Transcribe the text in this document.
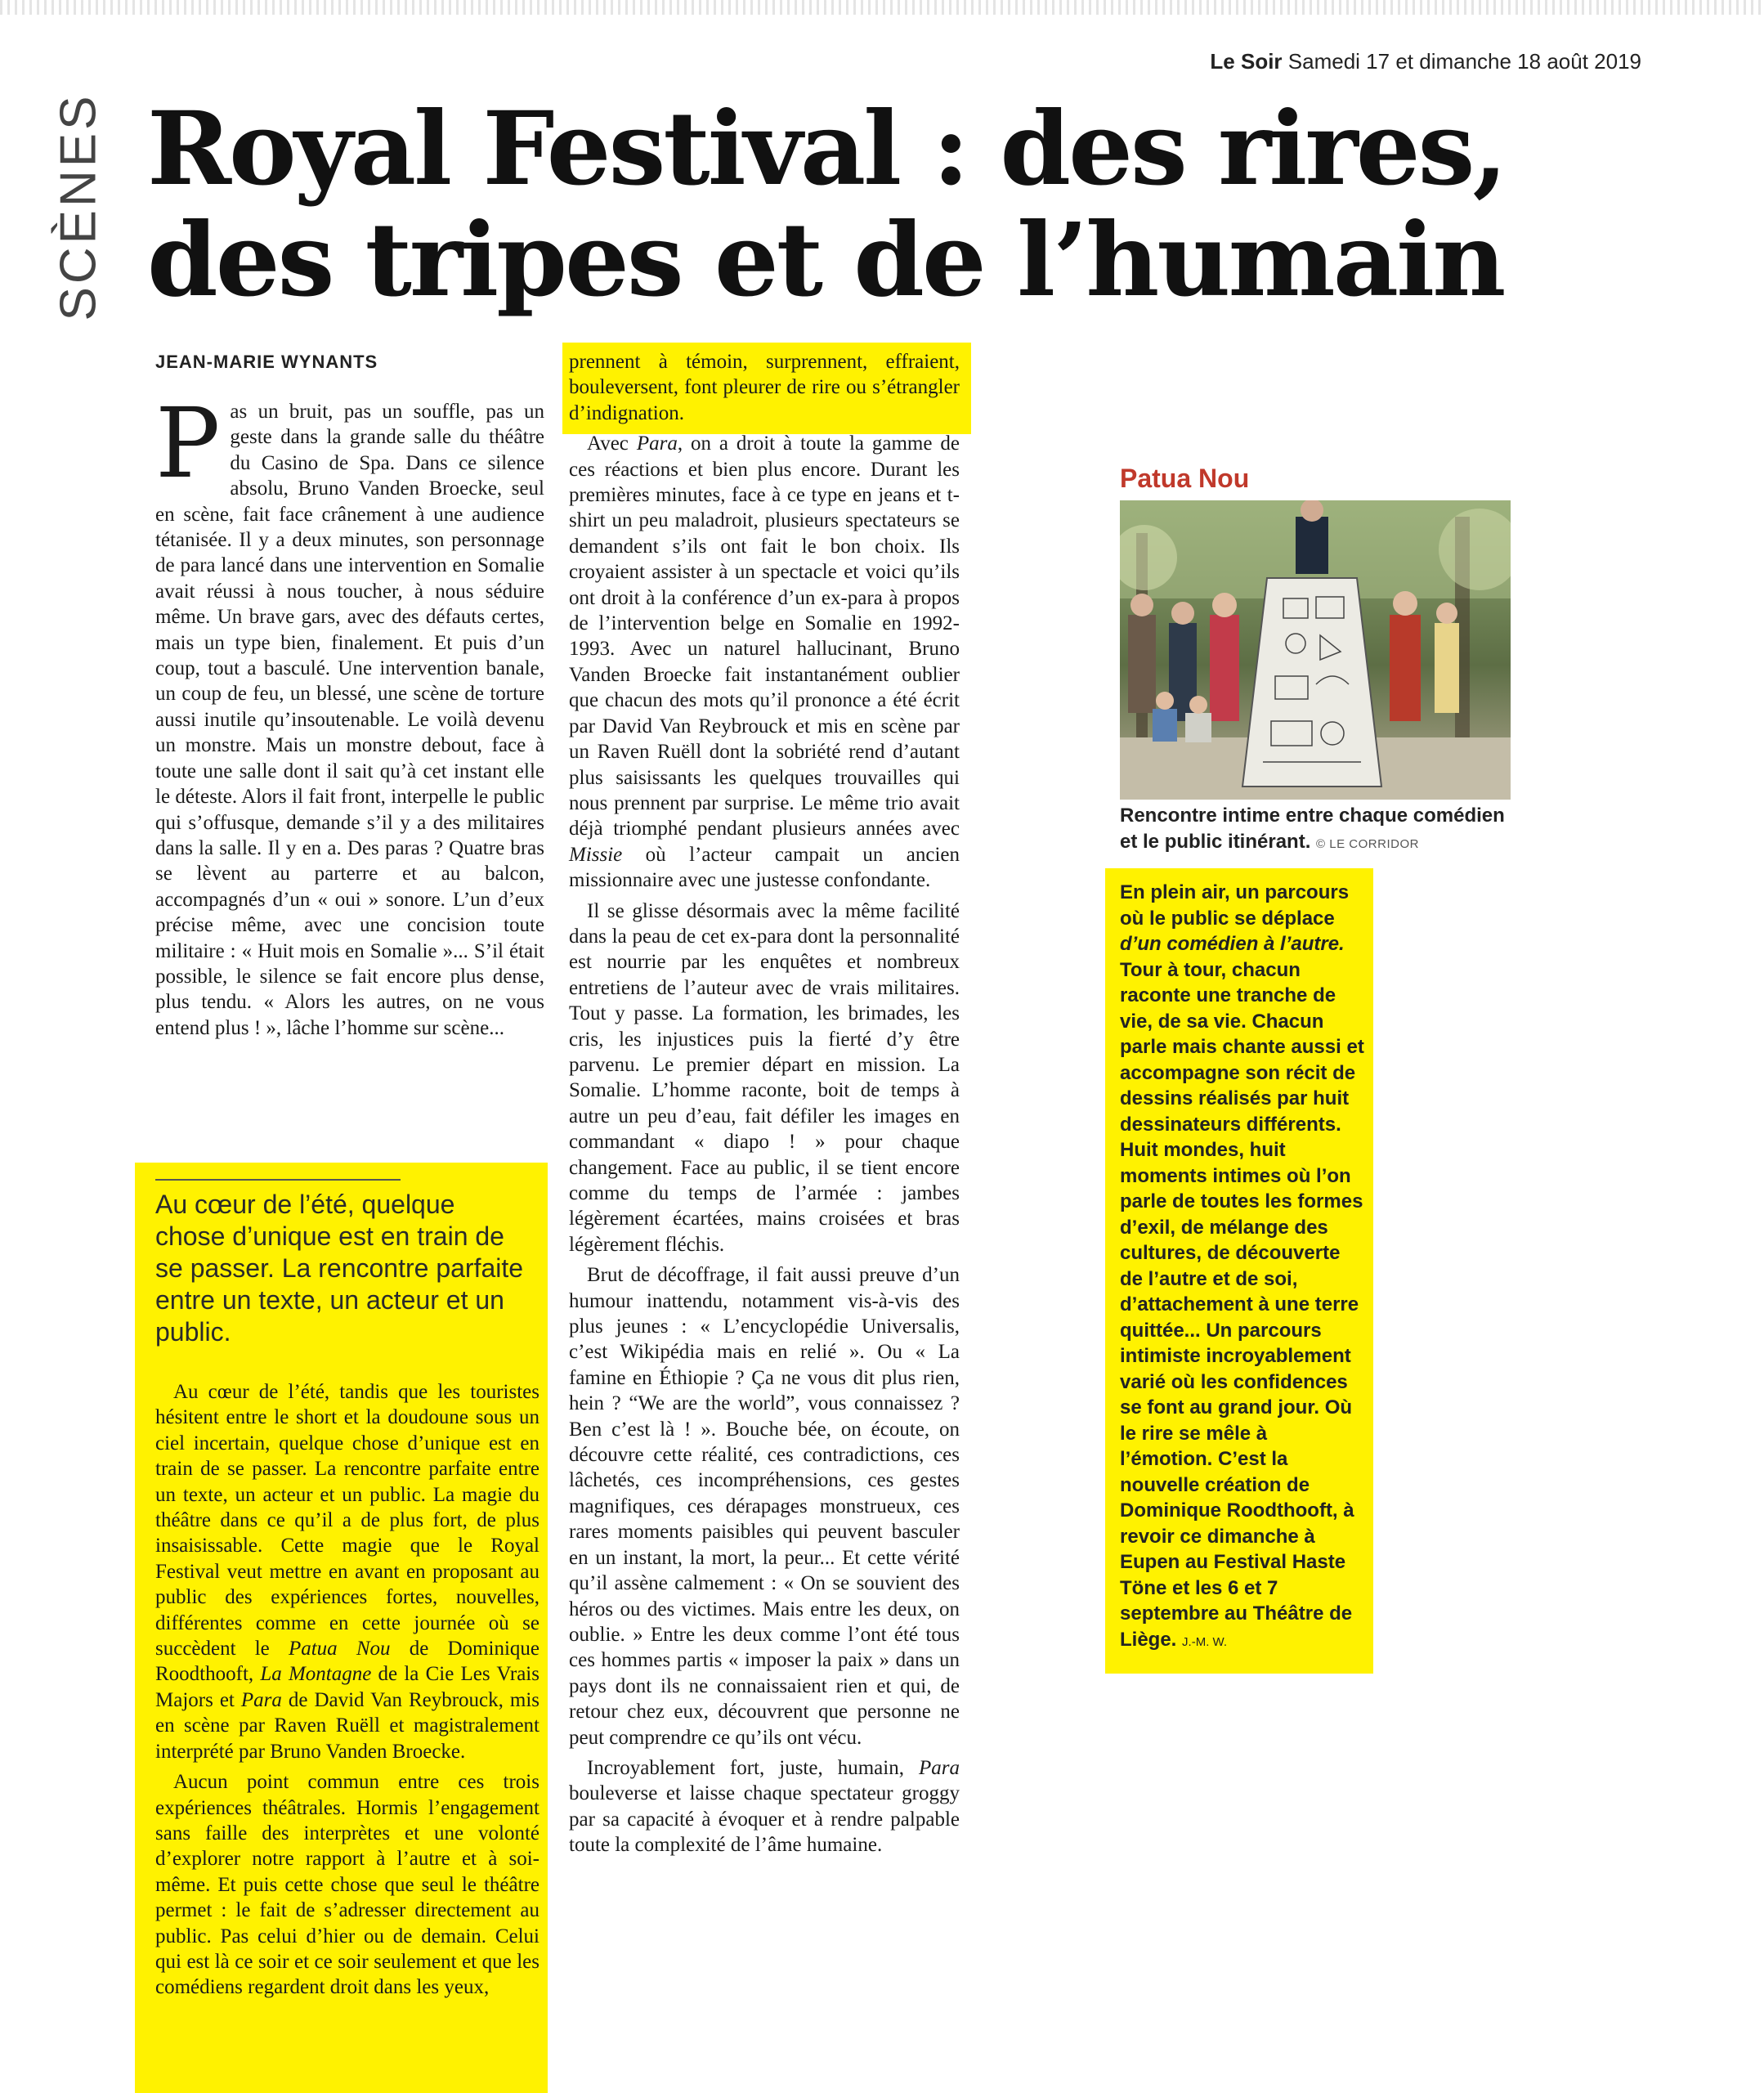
Le Soir Samedi 17 et dimanche 18 août 2019
SCÈNES Royal Festival : des rires,
des tripes et de l’humain
JEAN-MARIE WYNANTS

Pas un bruit, pas un souffle, pas un geste dans la grande salle du théâtre du Casino de Spa. Dans ce silence absolu, Bruno Vanden Broecke, seul en scène, fait face crânement à une audience tétanisée. Il y a deux minutes, son personnage de para lancé dans une intervention en Somalie avait réussi à nous toucher, à nous séduire même. Un brave gars, avec des défauts certes, mais un type bien, finalement. Et puis d’un coup, tout a basculé. Une intervention banale, un coup de feu, un blessé, une scène de torture aussi inutile qu’insoutenable. Le voilà devenu un monstre. Mais un monstre debout, face à toute une salle dont il sait qu’à cet instant elle le déteste. Alors il fait front, interpelle le public qui s’offusque, demande s’il y a des militaires dans la salle. Il y en a. Des paras ? Quatre bras se lèvent au parterre et au balcon, accompagnés d’un « oui » sonore. L’un d’eux précise même, avec une concision toute militaire : « Huit mois en Somalie »... S’il était possible, le silence se fait encore plus dense, plus tendu. « Alors les autres, on ne vous entend plus ! », lâche l’homme sur scène...

Au cœur de l’été, quelque chose d’unique est en train de se passer. La rencontre parfaite entre un texte, un acteur et un public.

Au cœur de l’été, tandis que les touristes hésitent entre le short et la doudoune sous un ciel incertain, quelque chose d’unique est en train de se passer. La rencontre parfaite entre un texte, un acteur et un public. La magie du théâtre dans ce qu’il a de plus fort, de plus insaisissable. Cette magie que le Royal Festival veut mettre en avant en proposant au public des expériences fortes, nouvelles, différentes comme en cette journée où se succèdent le Patua Nou de Dominique Roodthooft, La Montagne de la Cie Les Vrais Majors et Para de David Van Reybrouck, mis en scène par Raven Ruëll et magistralement interprété par Bruno Vanden Broecke.

Aucun point commun entre ces trois expériences théâtrales. Hormis l’engagement sans faille des interprètes et une volonté d’explorer notre rapport à l’autre et à soi-même. Et puis cette chose que seul le théâtre permet : le fait de s’adresser directement au public. Pas celui d’hier ou de demain. Celui qui est là ce soir et ce soir seulement et que les comédiens regardent droit dans les yeux,

prennent à témoin, surprennent, effraient, bouleversent, font pleurer de rire ou s’étrangler d’indignation.

Avec Para, on a droit à toute la gamme de ces réactions et bien plus encore. Durant les premières minutes, face à ce type en jeans et t-shirt un peu maladroit, plusieurs spectateurs se demandent s’ils ont fait le bon choix. Ils croyaient assister à un spectacle et voici qu’ils ont droit à la conférence d’un ex-para à propos de l’intervention belge en Somalie en 1992-1993. Avec un naturel hallucinant, Bruno Vanden Broecke fait instantanément oublier que chacun des mots qu’il prononce a été écrit par David Van Reybrouck et mis en scène par un Raven Ruëll dont la sobriété rend d’autant plus saisissants les quelques trouvailles qui nous prennent par surprise. Le même trio avait déjà triomphé pendant plusieurs années avec Missie où l’acteur campait un ancien missionnaire avec une justesse confondante.

Il se glisse désormais avec la même facilité dans la peau de cet ex-para dont la personnalité est nourrie par les enquêtes et nombreux entretiens de l’auteur avec de vrais militaires. Tout y passe. La formation, les brimades, les cris, les injustices puis la fierté d’y être parvenu. Le premier départ en mission. La Somalie. L’homme raconte, boit de temps à autre un peu d’eau, fait défiler les images en commandant « diapo ! » pour chaque changement. Face au public, il se tient encore comme du temps de l’armée : jambes légèrement écartées, mains croisées et bras légèrement fléchis.

Brut de décoffrage, il fait aussi preuve d’un humour inattendu, notamment vis-à-vis des plus jeunes : « L’encyclopédie Universalis, c’est Wikipédia mais en relié ». Ou « La famine en Éthiopie ? Ça ne vous dit plus rien, hein ? “We are the world”, vous connaissez ? Ben c’est là ! ». Bouche bée, on écoute, on découvre cette réalité, ces contradictions, ces lâchetés, ces incompréhensions, ces gestes magnifiques, ces dérapages monstrueux, ces rares moments paisibles qui peuvent basculer en un instant, la mort, la peur... Et cette vérité qu’il assène calmement : « On se souvient des héros ou des victimes. Mais entre les deux, on oublie. » Entre les deux comme l’ont été tous ces hommes partis « imposer la paix » dans un pays dont ils ne connaissaient rien et qui, de retour chez eux, découvrent que personne ne peut comprendre ce qu’ils ont vécu.

Incroyablement fort, juste, humain, Para bouleverse et laisse chaque spectateur groggy par sa capacité à évoquer et à rendre palpable toute la complexité de l’âme humaine.

Patua Nou
Rencontre intime entre chaque comédien et le public itinérant. © LE CORRIDOR
En plein air, un parcours où le public se déplace d’un comédien à l’autre. Tour à tour, chacun raconte une tranche de vie, de sa vie. Chacun parle mais chante aussi et accompagne son récit de dessins réalisés par huit dessinateurs différents. Huit mondes, huit moments intimes où l’on parle de toutes les formes d’exil, de mélange des cultures, de découverte de l’autre et de soi, d’attachement à une terre quittée... Un parcours intimiste incroyablement varié où les confidences se font au grand jour. Où le rire se mêle à l’émotion. C’est la nouvelle création de Dominique Roodthooft, à revoir ce dimanche à Eupen au Festival Haste Töne et les 6 et 7 septembre au Théâtre de Liège. J.-M. W.
